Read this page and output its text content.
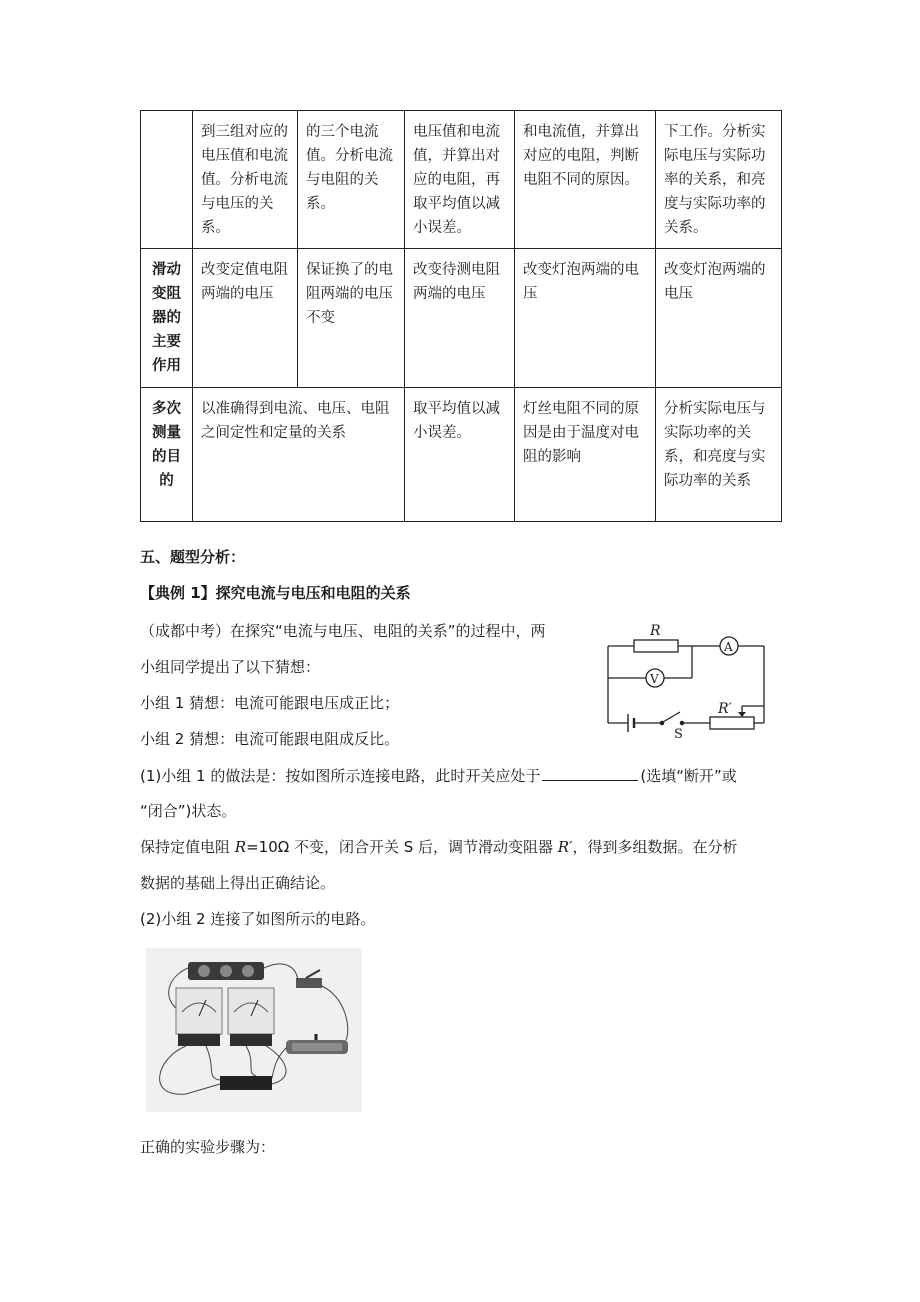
	到三组对应的电压值和电流值。分析电流与电压的关系。	的三个电流值。分析电流与电阻的关系。	电压值和电流值，并算出对应的电阻，再取平均值以减小误差。	和电流值，并算出对应的电阻，判断电阻不同的原因。	下工作。分析实际电压与实际功率的关系，和亮度与实际功率的关系。

滑动
变阻
器的
主要
作用	改变定值电阻两端的电压	保证换了的电阻两端的电压不变	改变待测电阻两端的电压	改变灯泡两端的电压	改变灯泡两端的电压

多次
测量
的目
的	以准确得到电流、电压、电阻之间定性和定量的关系		取平均值以减小误差。	灯丝电阻不同的原因是由于温度对电阻的影响	分析实际电压与实际功率的关系，和亮度与实际功率的关系
五、题型分析：
【典例 1】探究电流与电压和电阻的关系
（成都中考）在探究“电流与电压、电阻的关系”的过程中，两
小组同学提出了以下猜想：
小组 1 猜想：电流可能跟电压成正比；
小组 2 猜想：电流可能跟电阻成反比。
(1)小组 1 的做法是：按如图所示连接电路，此时开关应处于	(选填“断开”或
“闭合”)状态。
保持定值电阻 R=10Ω 不变，闭合开关 S 后，调节滑动变阻器 R′，得到多组数据。在分析
数据的基础上得出正确结论。
(2)小组 2 连接了如图所示的电路。
R
A
V
R′
S
正确的实验步骤为：
